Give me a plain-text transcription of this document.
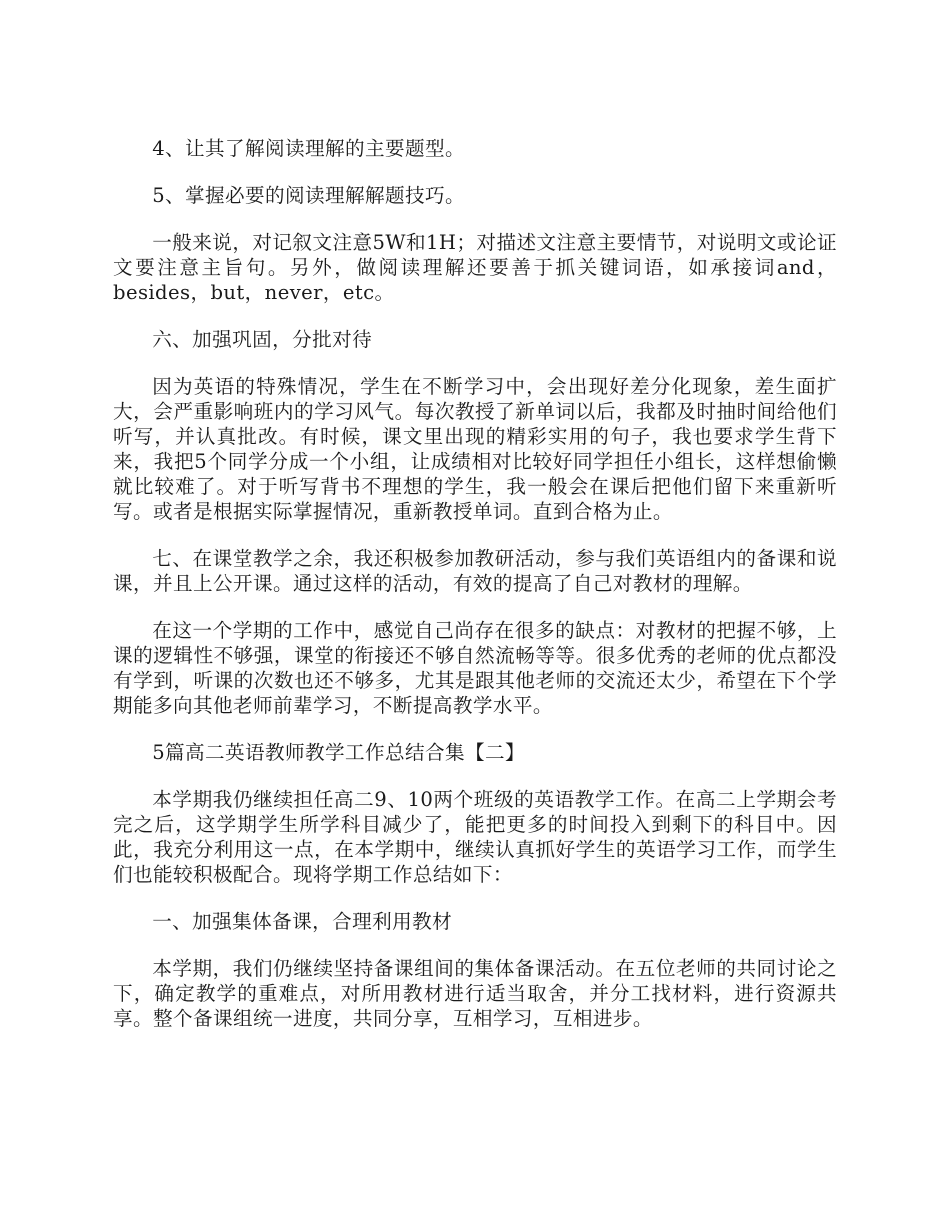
4、让其了解阅读理解的主要题型。

5、掌握必要的阅读理解解题技巧。

一般来说，对记叙文注意5W和1H；对描述文注意主要情节，对说明文或论证文要注意主旨句。另外，做阅读理解还要善于抓关键词语，如承接词and，besides，but，never，etc。

六、加强巩固，分批对待

因为英语的特殊情况，学生在不断学习中，会出现好差分化现象，差生面扩大，会严重影响班内的学习风气。每次教授了新单词以后，我都及时抽时间给他们听写，并认真批改。有时候，课文里出现的精彩实用的句子，我也要求学生背下来，我把5个同学分成一个小组，让成绩相对比较好同学担任小组长，这样想偷懒就比较难了。对于听写背书不理想的学生，我一般会在课后把他们留下来重新听写。或者是根据实际掌握情况，重新教授单词。直到合格为止。

七、在课堂教学之余，我还积极参加教研活动，参与我们英语组内的备课和说课，并且上公开课。通过这样的活动，有效的提高了自己对教材的理解。

在这一个学期的工作中，感觉自己尚存在很多的缺点：对教材的把握不够，上课的逻辑性不够强，课堂的衔接还不够自然流畅等等。很多优秀的老师的优点都没有学到，听课的次数也还不够多，尤其是跟其他老师的交流还太少，希望在下个学期能多向其他老师前辈学习，不断提高教学水平。

5篇高二英语教师教学工作总结合集【二】

本学期我仍继续担任高二9、10两个班级的英语教学工作。在高二上学期会考完之后，这学期学生所学科目减少了，能把更多的时间投入到剩下的科目中。因此，我充分利用这一点，在本学期中，继续认真抓好学生的英语学习工作，而学生们也能较积极配合。现将学期工作总结如下：

一、加强集体备课，合理利用教材

本学期，我们仍继续坚持备课组间的集体备课活动。在五位老师的共同讨论之下，确定教学的重难点，对所用教材进行适当取舍，并分工找材料，进行资源共享。整个备课组统一进度，共同分享，互相学习，互相进步。
